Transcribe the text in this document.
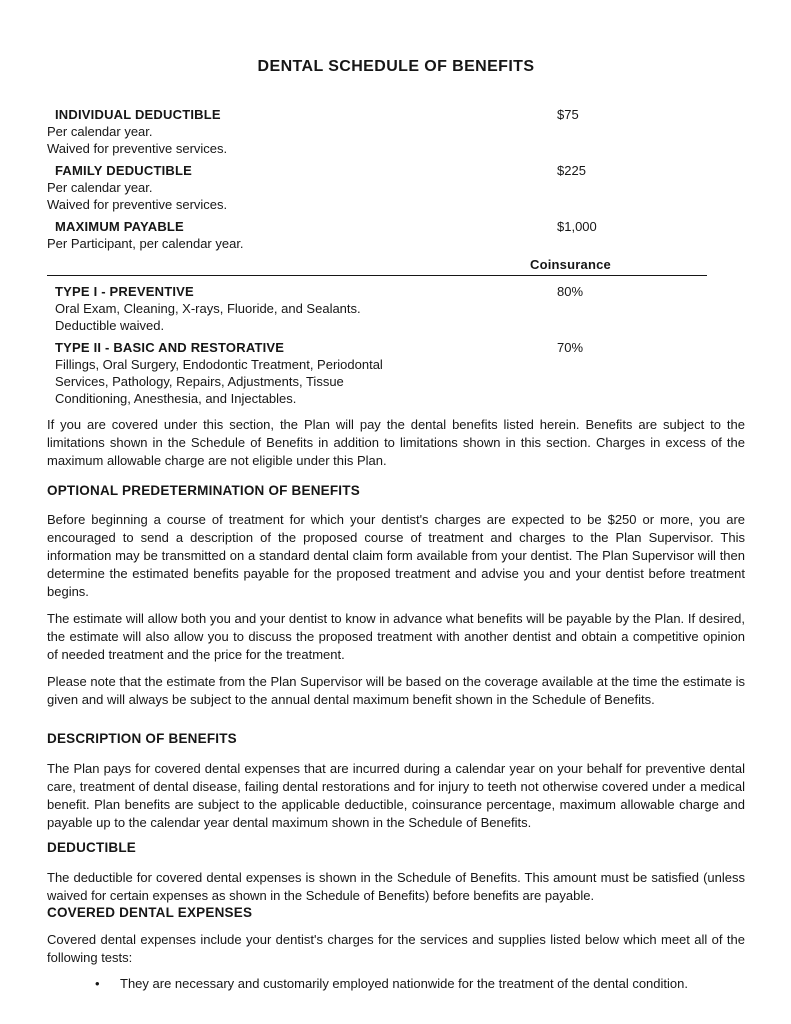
DENTAL SCHEDULE OF BENEFITS
INDIVIDUAL DEDUCTIBLE	$75
Per calendar year.
Waived for preventive services.
FAMILY DEDUCTIBLE	$225
Per calendar year.
Waived for preventive services.
MAXIMUM PAYABLE	$1,000
Per Participant, per calendar year.
Coinsurance
TYPE I - PREVENTIVE	80%
Oral Exam, Cleaning, X-rays, Fluoride, and Sealants.
Deductible waived.
TYPE II - BASIC AND RESTORATIVE	70%
Fillings, Oral Surgery, Endodontic Treatment, Periodontal
Services, Pathology, Repairs, Adjustments, Tissue
Conditioning, Anesthesia, and Injectables.
If you are covered under this section, the Plan will pay the dental benefits listed herein. Benefits are subject to the limitations shown in the Schedule of Benefits in addition to limitations shown in this section. Charges in excess of the maximum allowable charge are not eligible under this Plan.
OPTIONAL PREDETERMINATION OF BENEFITS
Before beginning a course of treatment for which your dentist's charges are expected to be $250 or more, you are encouraged to send a description of the proposed course of treatment and charges to the Plan Supervisor. This information may be transmitted on a standard dental claim form available from your dentist. The Plan Supervisor will then determine the estimated benefits payable for the proposed treatment and advise you and your dentist before treatment begins.
The estimate will allow both you and your dentist to know in advance what benefits will be payable by the Plan. If desired, the estimate will also allow you to discuss the proposed treatment with another dentist and obtain a competitive opinion of needed treatment and the price for the treatment.
Please note that the estimate from the Plan Supervisor will be based on the coverage available at the time the estimate is given and will always be subject to the annual dental maximum benefit shown in the Schedule of Benefits.
DESCRIPTION OF BENEFITS
The Plan pays for covered dental expenses that are incurred during a calendar year on your behalf for preventive dental care, treatment of dental disease, failing dental restorations and for injury to teeth not otherwise covered under a medical benefit. Plan benefits are subject to the applicable deductible, coinsurance percentage, maximum allowable charge and payable up to the calendar year dental maximum shown in the Schedule of Benefits.
DEDUCTIBLE
The deductible for covered dental expenses is shown in the Schedule of Benefits. This amount must be satisfied (unless waived for certain expenses as shown in the Schedule of Benefits) before benefits are payable.
COVERED DENTAL EXPENSES
Covered dental expenses include your dentist's charges for the services and supplies listed below which meet all of the following tests:
•	They are necessary and customarily employed nationwide for the treatment of the dental condition.
